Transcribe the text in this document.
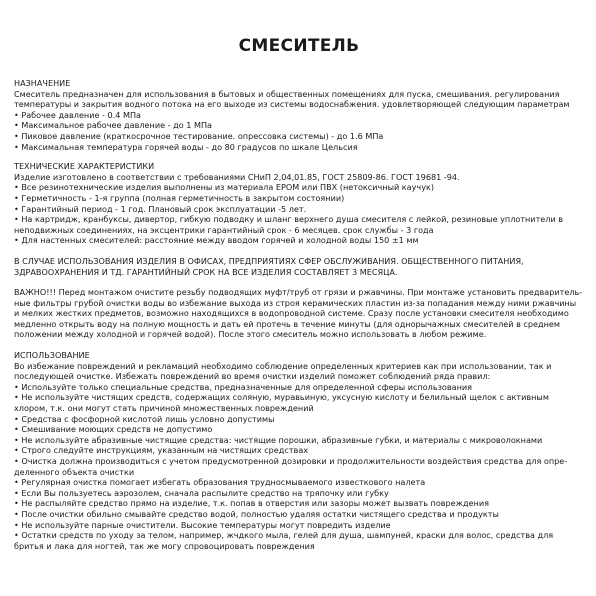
СМЕСИТЕЛЬ
НАЗНАЧЕНИЕ
Смеситель предназначен для использования в бытовых и общественных помещениях для пуска, смешивания. регулирования
температуры и закрытия водного потока на его выходе из системы водоснабжения. удовлетворяющей следующим параметрам
• Рабочее давление - 0.4 МПа
• Максимальное рабочее давление - до 1 МПа
• Пиковое давление (краткосрочное тестирование. опрессовка системы) - до 1.6 МПа
• Максимальная температура горячей воды - до 80 градусов по шкале Цельсия
ТЕХНИЧЕСКИЕ ХАРАКТЕРИСТИКИ
Изделие изготовлено в соответствии с требованиями СНиП 2,04,01.85, ГОСТ 25809-86. ГОСТ 19681 -94.
• Все резинотехнические изделия выполнены из материала ЕРОМ или ПВХ (нетоксичный каучук)
• Герметичность - 1-я группа (полная герметичность в закрытом состоянии)
• Гарантийный период - 1 год. Плановый срок эксплуатации -5 лет.
• На картридж, кранбуксы, дивертор, гибкую подводку и шланг верхнего душа смесителя с лейкой, резиновые уплотнители в
неподвижных соединениях, на эксцентрики гарантийный срок - 6 месяцев. срок службы - 3 года
• Для настенных смесителей: расстояние между вводом горячей и холодной воды 150 ±1 мм
В СЛУЧАЕ ИСПОЛЬЗОВАНИЯ ИЗДЕЛИЯ В ОФИСАХ, ПРЕДПРИЯТИЯХ СФЕР ОБСЛУЖИВАНИЯ. ОБЩЕСТВЕННОГО ПИТАНИЯ,
ЗДРАВООХРАНЕНИЯ И ТД. ГАРАНТИЙНЫЙ СРОК НА ВСЕ ИЗДЕЛИЯ СОСТАВЛЯЕТ 3 МЕСЯЦА.
ВАЖНО!!! Перед монтажом очистите резьбу подводящих муфт/труб от грязи и ржавчины. При монтаже установить предваритель-
ные фильтры грубой очистки воды во избежание выхода из строя керамических пластин из-за попадания между ними ржавчины
и мелких жестких предметов, возможно находящихся в водопроводной системе. Сразу после установки смесителя необходимо
медленно открыть воду на полную мощность и дать ей протечь в течение минуты (для однорычажных смесителей в среднем
положении между холодной и горячей водой). После этого смеситель можно использовать в любом режиме.
ИСПОЛЬЗОВАНИЕ
Во избежание повреждений и рекламаций необходимо соблюдение определенных критериев как при использовании, так и
последующей очистке. Избежать повреждений во время очистки изделий поможет соблюдений ряда правил:
• Используйте только специальные средства, предназначенные для определенной сферы использования
• Не используйте чистящих средств, содержащих соляную, муравьиную, уксусную кислоту и белильный щелок с активным
хлором, т.к. они могут стать причиной множественных повреждений
• Средства с фосфорной кислотой лишь условно допустимы
• Смешивание моющих средств не допустимо
• Не используйте абразивные чистящие средства: чистящие порошки, абразивные губки, и материалы с микроволокнами
• Строго следуйте инструкциям, указанным на чистящих средствах
• Очистка должна производиться с учетом предусмотренной дозировки и продолжительности воздействия средства для опре-
деленного объекта очистки
• Регулярная очистка помогает избегать образования трудносмываемого известкового налета
• Если Вы пользуетесь аэрозолем, сначала распылите средство на тряпочку или губку
• Не распыляйте средство прямо на изделие, т.к. попав в отверстия или зазоры может вызвать повреждения
• После очистки обильно смывайте средство водой, полностью удаляя остатки чистящего средства и продукты
• Не используйте парные очистители. Высокие температуры могут повредить изделие
• Остатки средств по уходу за телом, например, жчдкого мыла, гелей для душа, шампуней, краски для волос, средства для
бритья и лака для ногтей, так же могу спровоцировать повреждения
